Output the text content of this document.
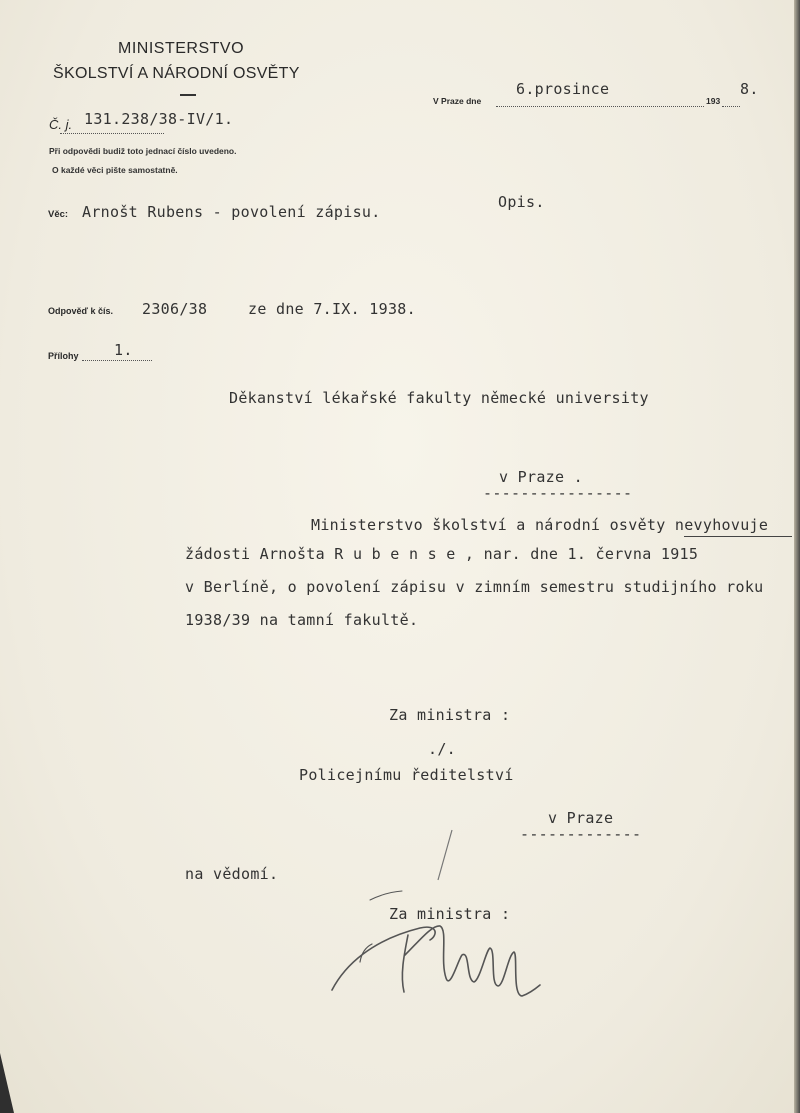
MINISTERSTVO
ŠKOLSTVÍ A NÁRODNÍ OSVĚTY
Č. j. 131.238/38-IV/1.
Při odpovědi budiž toto jednací číslo uvedeno.
O každé věci pište samostatně.
6.prosince	8.
V Praze dne	193
Opis.
Věc: Arnošt Rubens - povolení zápisu.
Odpověď k čís. 2306/38	ze dne 7.IX. 1938.
Přílohy 1.
Děkanství lékařské fakulty německé university
v Praze .
----------------
Ministerstvo školství a národní osvěty nevyhovuje
žádosti Arnošta R u b e n s e , nar. dne 1. června 1915
v Berlíně, o povolení zápisu v zimním semestru studijního roku
1938/39 na tamní fakultě.
Za ministra :
./.
Policejnímu ředitelství
v Praze
-------------
na vědomí.
Za ministra :
